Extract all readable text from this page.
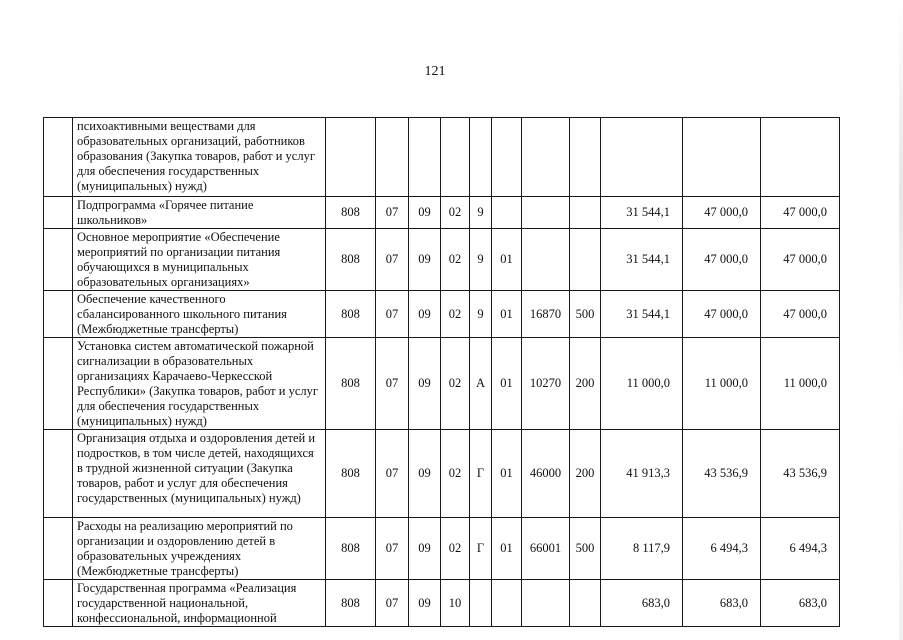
121
	психоактивными веществами для образовательных организаций, работников образования (Закупка товаров, работ и услуг для обеспечения государственных (муниципальных) нужд)											
	Подпрограмма «Горячее питание школьников»	808	07	09	02	9				31 544,1	47 000,0	47 000,0
	Основное мероприятие «Обеспечение мероприятий по организации питания обучающихся в муниципальных образовательных организациях»	808	07	09	02	9	01			31 544,1	47 000,0	47 000,0
	Обеспечение качественного сбалансированного школьного питания (Межбюджетные трансферты)	808	07	09	02	9	01	16870	500	31 544,1	47 000,0	47 000,0
	Установка систем автоматической пожарной сигнализации в образовательных организациях Карачаево-Черкесской Республики» (Закупка товаров, работ и услуг для обеспечения государственных (муниципальных) нужд)	808	07	09	02	А	01	10270	200	11 000,0	11 000,0	11 000,0
	Организация отдыха и оздоровления детей и подростков, в том числе детей, находящихся в трудной жизненной ситуации (Закупка товаров, работ и услуг для обеспечения государственных (муниципальных) нужд)	808	07	09	02	Г	01	46000	200	41 913,3	43 536,9	43 536,9
	Расходы на реализацию мероприятий по организации и оздоровлению детей в образовательных учреждениях (Межбюджетные трансферты)	808	07	09	02	Г	01	66001	500	8 117,9	6 494,3	6 494,3
	Государственная программа «Реализация государственной национальной, конфессиональной, информационной	808	07	09	10					683,0	683,0	683,0
